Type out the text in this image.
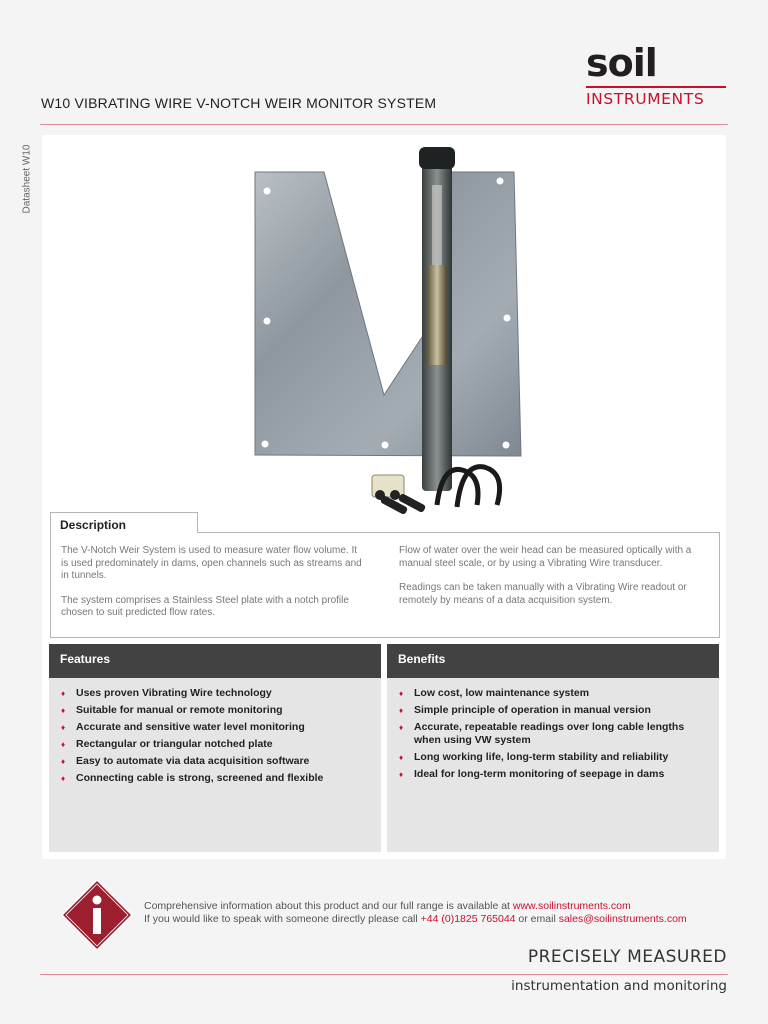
soil
INSTRUMENTS
W10 VIBRATING WIRE V-NOTCH WEIR MONITOR SYSTEM
Datasheet W10
Description

The V-Notch Weir System is used to measure water flow volume. It is used predominately in dams, open channels such as streams and in tunnels.

The system comprises a Stainless Steel plate with a notch profile chosen to suit predicted flow rates.

Flow of water over the weir head can be measured optically with a manual steel scale, or by using a Vibrating Wire transducer.

Readings can be taken manually with a Vibrating Wire readout or remotely by means of a data acquisition system.

Features
♦ Uses proven Vibrating Wire technology
♦ Suitable for manual or remote monitoring
♦ Accurate and sensitive water level monitoring
♦ Rectangular or triangular notched plate
♦ Easy to automate via data acquisition software
♦ Connecting cable is strong, screened and flexible
Benefits
♦ Low cost, low maintenance system
♦ Simple principle of operation in manual version
♦ Accurate, repeatable readings over long cable lengths when using VW system
♦ Long working life, long-term stability and reliability
♦ Ideal for long-term monitoring of seepage in dams
Comprehensive information about this product and our full range is available at www.soilinstruments.com
If you would like to speak with someone directly please call +44 (0)1825 765044 or email sales@soilinstruments.com
PRECISELY MEASURED
instrumentation and monitoring
